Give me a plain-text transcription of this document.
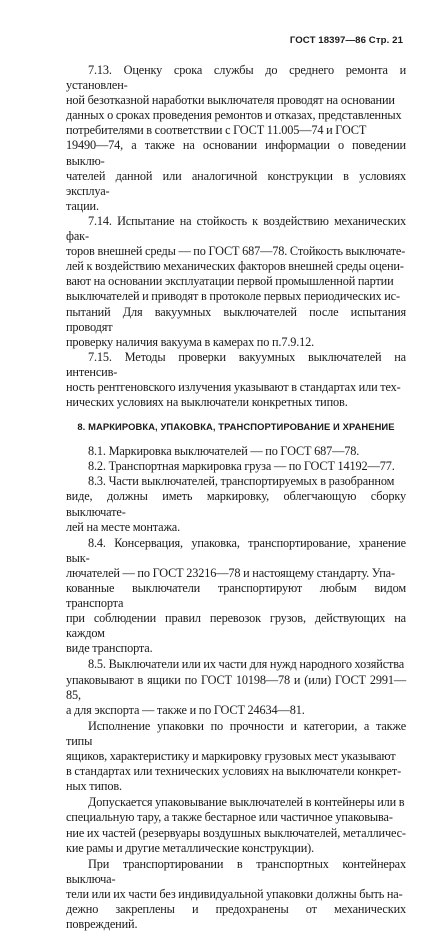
ГОСТ 18397—86 Стр. 21

7.13. Оценку срока службы до среднего ремонта и установлен-
ной безотказной наработки выключателя проводят на основании
данных о сроках проведения ремонтов и отказах, представленных
потребителями в соответствии с ГОСТ 11.005—74 и ГОСТ
19490—74, а также на основании информации о поведении выклю-
чателей данной или аналогичной конструкции в условиях эксплуа-
тации.

7.14. Испытание на стойкость к воздействию механических фак-
торов внешней среды — по ГОСТ 687—78. Стойкость выключате-
лей к воздействию механических факторов внешней среды оцени-
вают на основании эксплуатации первой промышленной партии
выключателей и приводят в протоколе первых периодических ис-
пытаний Для вакуумных выключателей после испытания проводят
проверку наличия вакуума в камерах по п.7.9.12.

7.15. Методы проверки вакуумных выключателей на интенсив-
ность рентгеновского излучения указывают в стандартах или тех-
нических условиях на выключатели конкретных типов.

8. МАРКИРОВКА, УПАКОВКА, ТРАНСПОРТИРОВАНИЕ И ХРАНЕНИЕ

8.1. Маркировка выключателей — по ГОСТ 687—78.

8.2. Транспортная маркировка груза — по ГОСТ 14192—77.

8.3. Части выключателей, транспортируемых в разобранном
виде, должны иметь маркировку, облегчающую сборку выключате-
лей на месте монтажа.

8.4. Консервация, упаковка, транспортирование, хранение вык-
лючателей — по ГОСТ 23216—78 и настоящему стандарту. Упа-
кованные выключатели транспортируют любым видом транспорта
при соблюдении правил перевозок грузов, действующих на каждом
виде транспорта.

8.5. Выключатели или их части для нужд народного хозяйства
упаковывают в ящики по ГОСТ 10198—78 и (или) ГОСТ 2991—85,
а для экспорта — также и по ГОСТ 24634—81.

Исполнение упаковки по прочности и категории, а также типы
ящиков, характеристику и маркировку грузовых мест указывают
в стандартах или технических условиях на выключатели конкрет-
ных типов.

Допускается упаковывание выключателей в контейнеры или в
специальную тару, а также бестарное или частичное упаковыва-
ние их частей (резервуары воздушных выключателей, металличес-
кие рамы и другие металлические конструкции).

При транспортировании в транспортных контейнерах выключа-
тели или их части без индивидуальной упаковки должны быть на-
дежно закреплены и предохранены от механических повреждений.
